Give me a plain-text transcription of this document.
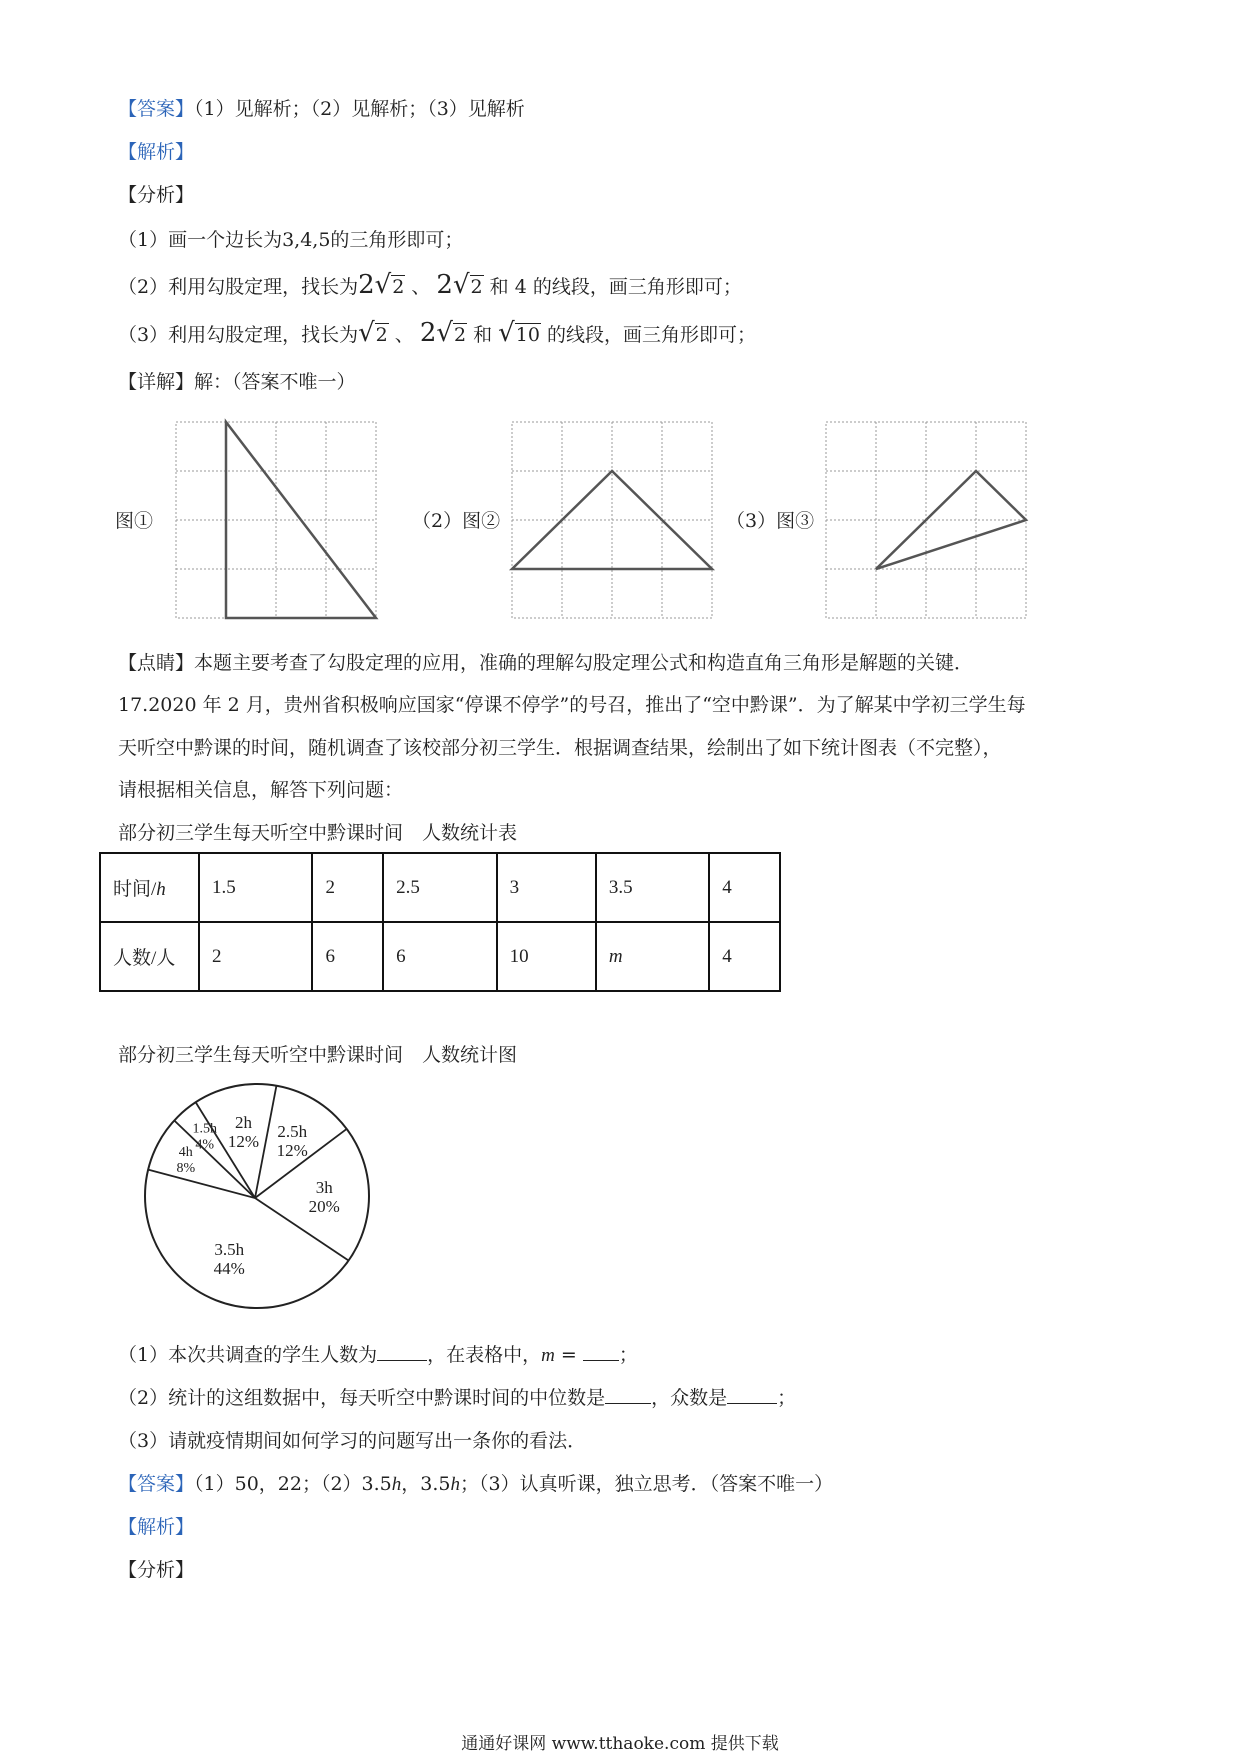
【答案】（1）见解析；（2）见解析；（3）见解析
【解析】
【分析】
（1）画一个边长为3,4,5的三角形即可；
（2）利用勾股定理，找长为2√2 、 2√2 和 4 的线段，画三角形即可；
（3）利用勾股定理，找长为√2 、 2√2 和 √10 的线段，画三角形即可；
【详解】解：（答案不唯一）
图①	（2）图②	（3）图③
【点睛】本题主要考查了勾股定理的应用，准确的理解勾股定理公式和构造直角三角形是解题的关键．
17.2020 年 2 月，贵州省积极响应国家“停课不停学”的号召，推出了“空中黔课”．为了解某中学初三学生每
天听空中黔课的时间，随机调查了该校部分初三学生．根据调查结果，绘制出了如下统计图表（不完整），
请根据相关信息，解答下列问题：
部分初三学生每天听空中黔课时间　人数统计表
时间/h	1.5	2	2.5	3	3.5	4
人数/人	2	6	6	10	m	4
部分初三学生每天听空中黔课时间　人数统计图
2.5h
12%
3h
20%
3.5h
44%
4h
8%
1.5h
4%
2h
12%
（1）本次共调查的学生人数为	，在表格中，m = ；
（2）统计的这组数据中，每天听空中黔课时间的中位数是 ，众数是	；
（3）请就疫情期间如何学习的问题写出一条你的看法．
【答案】（1）50，22；（2）3.5h，3.5h；（3）认真听课，独立思考．（答案不唯一）
【解析】
【分析】
通通好课网 www.tthaoke.com 提供下载
